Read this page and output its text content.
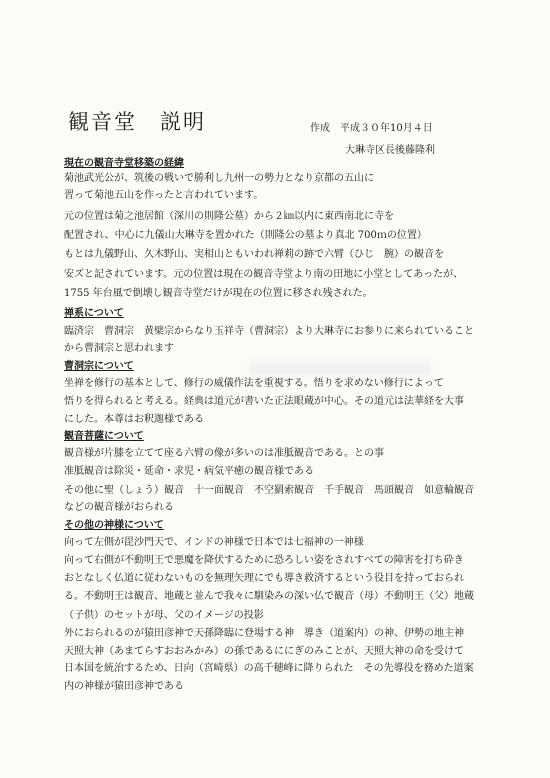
観音堂　説明	作成　平成３０年10月４日
大琳寺区長後藤隆利
現在の観音寺堂移築の経緯
菊池武光公が、筑後の戦いで勝利し九州一の勢力となり京都の五山に
習って菊池五山を作ったと言われています。
元の位置は菊之池居館（深川の則隆公墓）から２㎞以内に東西南北に寺を
配置され、中心に九儀山大琳寺を置かれた（則隆公の墓より真北 700ｍの位置）
もとは九儀野山、久木野山、実相山ともいわれ禅莉の跡で六臂（ひじ　腕）の観音を
安ズと記されています。元の位置は現在の観音寺堂より南の田地に小堂としてあったが、
1755 年台風で倒壊し観音寺堂だけが現在の位置に移され残された。
禅系について
臨済宗　曹洞宗　黄檗宗からなり玉祥寺（曹洞宗）より大琳寺にお参りに来られていること
から曹洞宗と思われます
曹洞宗について
坐禅を修行の基本として、修行の威儀作法を重視する。悟りを求めない修行によって
悟りを得られると考える。経典は道元が書いた正法眼蔵が中心。その道元は法華経を大事
にした。本尊はお釈迦様である
観音菩薩について
観音様が片膝を立てて座る六臂の像が多いのは准胝観音である。との事
准胝観音は除災・延命・求児・病気平癒の観音様である
その他に聖（しょう）観音　十一面観音　不空羂索観音　千手観音　馬頭観音　如意輪観音
などの観音様がおられる
その他の神様について
向って左側が毘沙門天で、インドの神様で日本では七福神の一神様
向って右側が不動明王で悪魔を降伏するために恐ろしい姿をされすべての障害を打ち砕き
おとなしく仏道に従わないものを無理矢理にでも導き救済するという役目を持っておられ
る。不動明王は観音、地蔵と並んで我々に馴染みの深い仏で観音（母）不動明王（父）地蔵
（子供）のセットが母、父のイメージの投影
外におられるのが猿田彦神で天孫降臨に登場する神　導き（道案内）の神、伊勢の地主神
天照大神（あまてらすおおみかみ）の孫であるににぎのみことが、天照大神の命を受けて
日本国を統治するため、日向（宮崎県）の高千穂峰に降りられた　その先導役を務めた道案
内の神様が猿田彦神である
